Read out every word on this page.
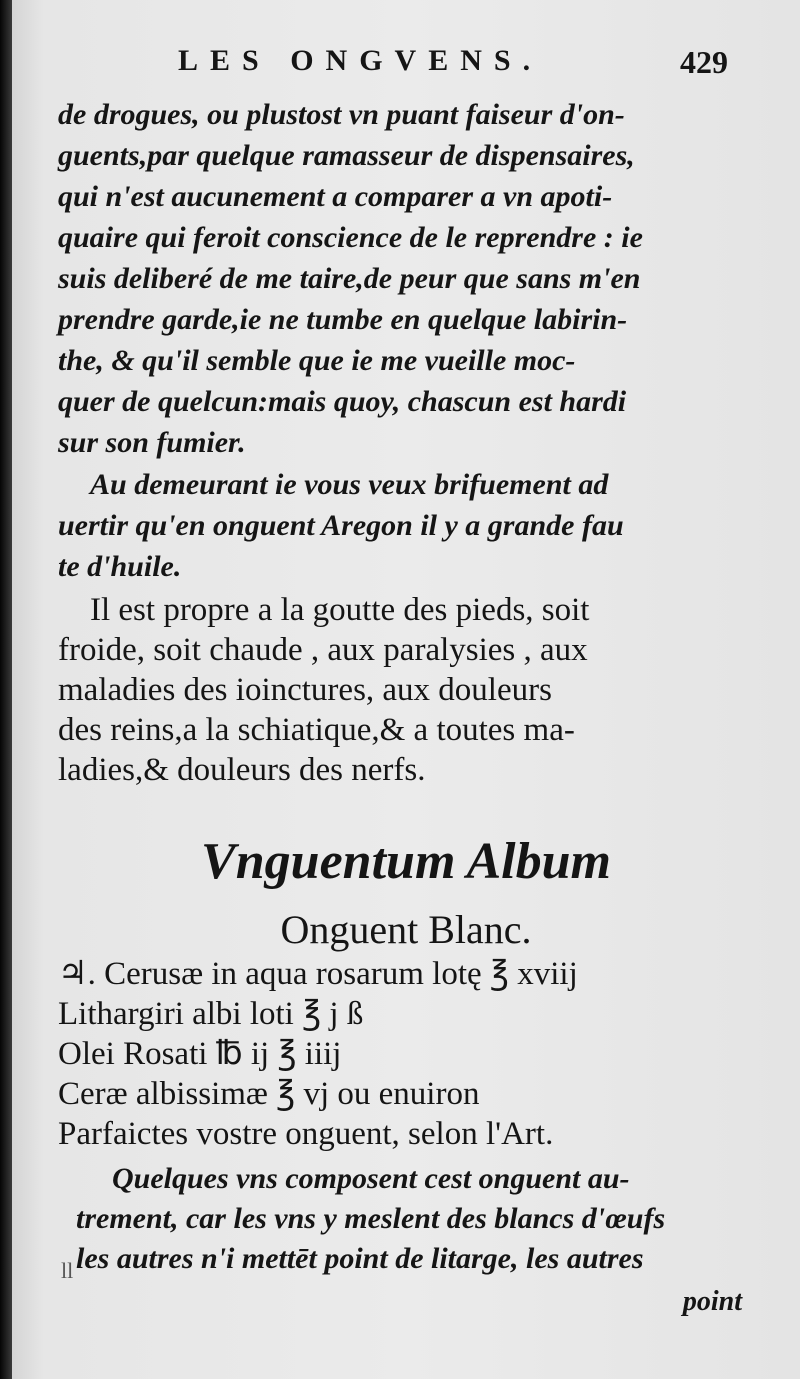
LES ONGVENS.	429
de drogues, ou plustost vn puant faiseur d'on-
guents,par quelque ramasseur de dispensaires,
qui n'est aucunement a comparer a vn apoti-
quaire qui feroit conscience de le reprendre : ie
suis deliberé de me taire,de peur que sans m'en
prendre garde,ie ne tumbe en quelque labirin-
the, & qu'il semble que ie me vueille moc-
quer de quelcun:mais quoy, chascun est hardi
sur son fumier.
Au demeurant ie vous veux brifuement ad
uertir qu'en onguent Aregon il y a grande fau
te d'huile.
Il est propre a la goutte des pieds, soit
froide, soit chaude , aux paralysies , aux
maladies des ioinctures, aux douleurs
des reins,a la schiatique,& a toutes ma-
ladies,& douleurs des nerfs.
Vnguentum Album
Onguent Blanc.
♃. Cerusæ in aqua rosarum lotę ℥ xviij
Lithargiri albi loti ℥ j ß
Olei Rosati ℔ ij ℥ iiij
Ceræ albissimæ ℥ vj ou enuiron
Parfaictes vostre onguent, selon l'Art.
Quelques vns composent cest onguent au-
trement, car les vns y meslent des blancs d'œufs
les autres n'i mettēt point de litarge, les autres
ll
point
